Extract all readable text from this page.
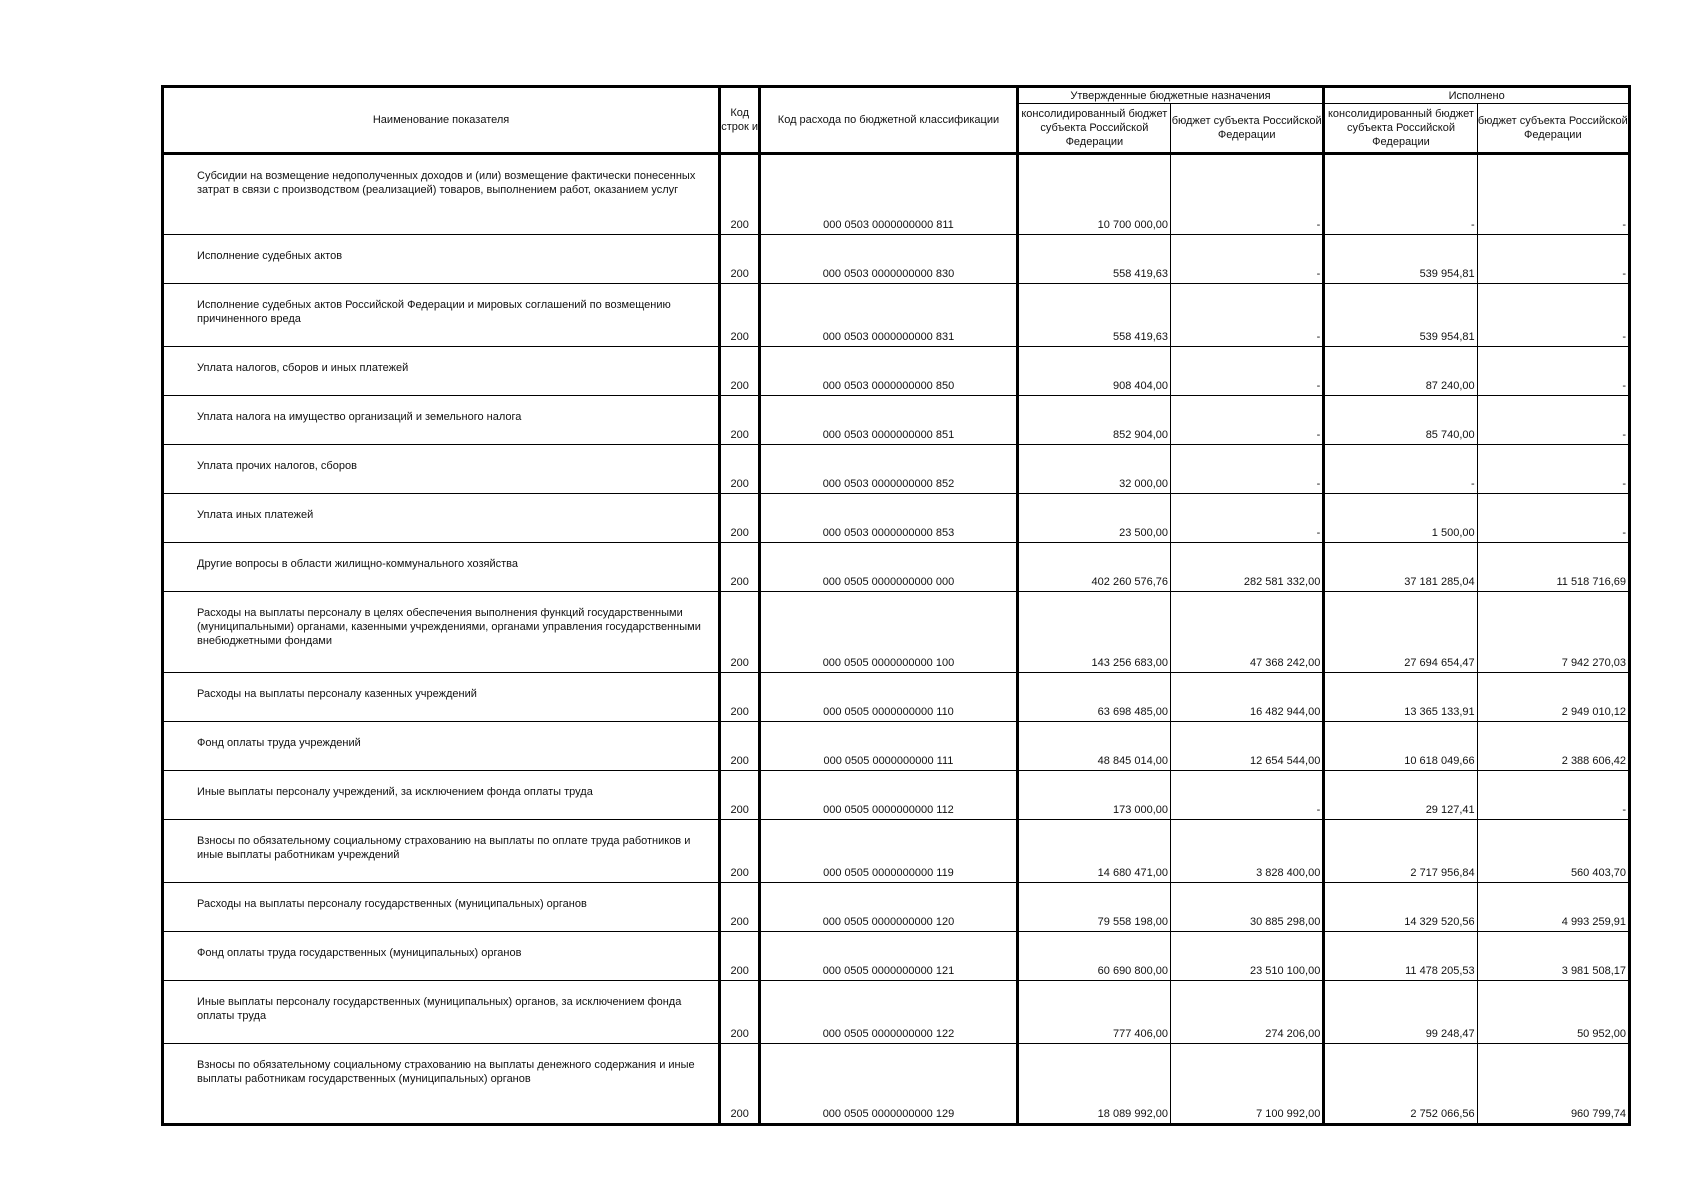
Наименование показателя	Код строк и	Код расхода по бюджетной классификации	Утвержденные бюджетные назначения		Исполнено	
			консолидированный бюджет субъекта Российской Федерации	бюджет субъекта Российской Федерации	консолидированный бюджет субъекта Российской Федерации	бюджет субъекта Российской Федерации
Субсидии на возмещение недополученных доходов и (или) возмещение фактически понесенных затрат в связи с производством (реализацией) товаров, выполнением работ, оказанием услуг	200	000 0503 0000000000 811	10 700 000,00	-	-	-
Исполнение судебных актов	200	000 0503 0000000000 830	558 419,63	-	539 954,81	-
Исполнение судебных актов Российской Федерации и мировых соглашений по возмещению причиненного вреда	200	000 0503 0000000000 831	558 419,63	-	539 954,81	-
Уплата налогов, сборов и иных платежей	200	000 0503 0000000000 850	908 404,00	-	87 240,00	-
Уплата налога на имущество организаций и земельного налога	200	000 0503 0000000000 851	852 904,00	-	85 740,00	-
Уплата прочих налогов, сборов	200	000 0503 0000000000 852	32 000,00	-	-	-
Уплата иных платежей	200	000 0503 0000000000 853	23 500,00	-	1 500,00	-
Другие вопросы в области жилищно-коммунального хозяйства	200	000 0505 0000000000 000	402 260 576,76	282 581 332,00	37 181 285,04	11 518 716,69
Расходы на выплаты персоналу в целях обеспечения выполнения функций государственными (муниципальными) органами, казенными учреждениями, органами управления государственными внебюджетными фондами	200	000 0505 0000000000 100	143 256 683,00	47 368 242,00	27 694 654,47	7 942 270,03
Расходы на выплаты персоналу казенных учреждений	200	000 0505 0000000000 110	63 698 485,00	16 482 944,00	13 365 133,91	2 949 010,12
Фонд оплаты труда учреждений	200	000 0505 0000000000 111	48 845 014,00	12 654 544,00	10 618 049,66	2 388 606,42
Иные выплаты персоналу учреждений, за исключением фонда оплаты труда	200	000 0505 0000000000 112	173 000,00	-	29 127,41	-
Взносы по обязательному социальному страхованию на выплаты по оплате труда работников и иные выплаты работникам учреждений	200	000 0505 0000000000 119	14 680 471,00	3 828 400,00	2 717 956,84	560 403,70
Расходы на выплаты персоналу государственных (муниципальных) органов	200	000 0505 0000000000 120	79 558 198,00	30 885 298,00	14 329 520,56	4 993 259,91
Фонд оплаты труда государственных (муниципальных) органов	200	000 0505 0000000000 121	60 690 800,00	23 510 100,00	11 478 205,53	3 981 508,17
Иные выплаты персоналу государственных (муниципальных) органов, за исключением фонда оплаты труда	200	000 0505 0000000000 122	777 406,00	274 206,00	99 248,47	50 952,00
Взносы по обязательному социальному страхованию на выплаты денежного содержания и иные выплаты работникам государственных (муниципальных) органов	200	000 0505 0000000000 129	18 089 992,00	7 100 992,00	2 752 066,56	960 799,74
